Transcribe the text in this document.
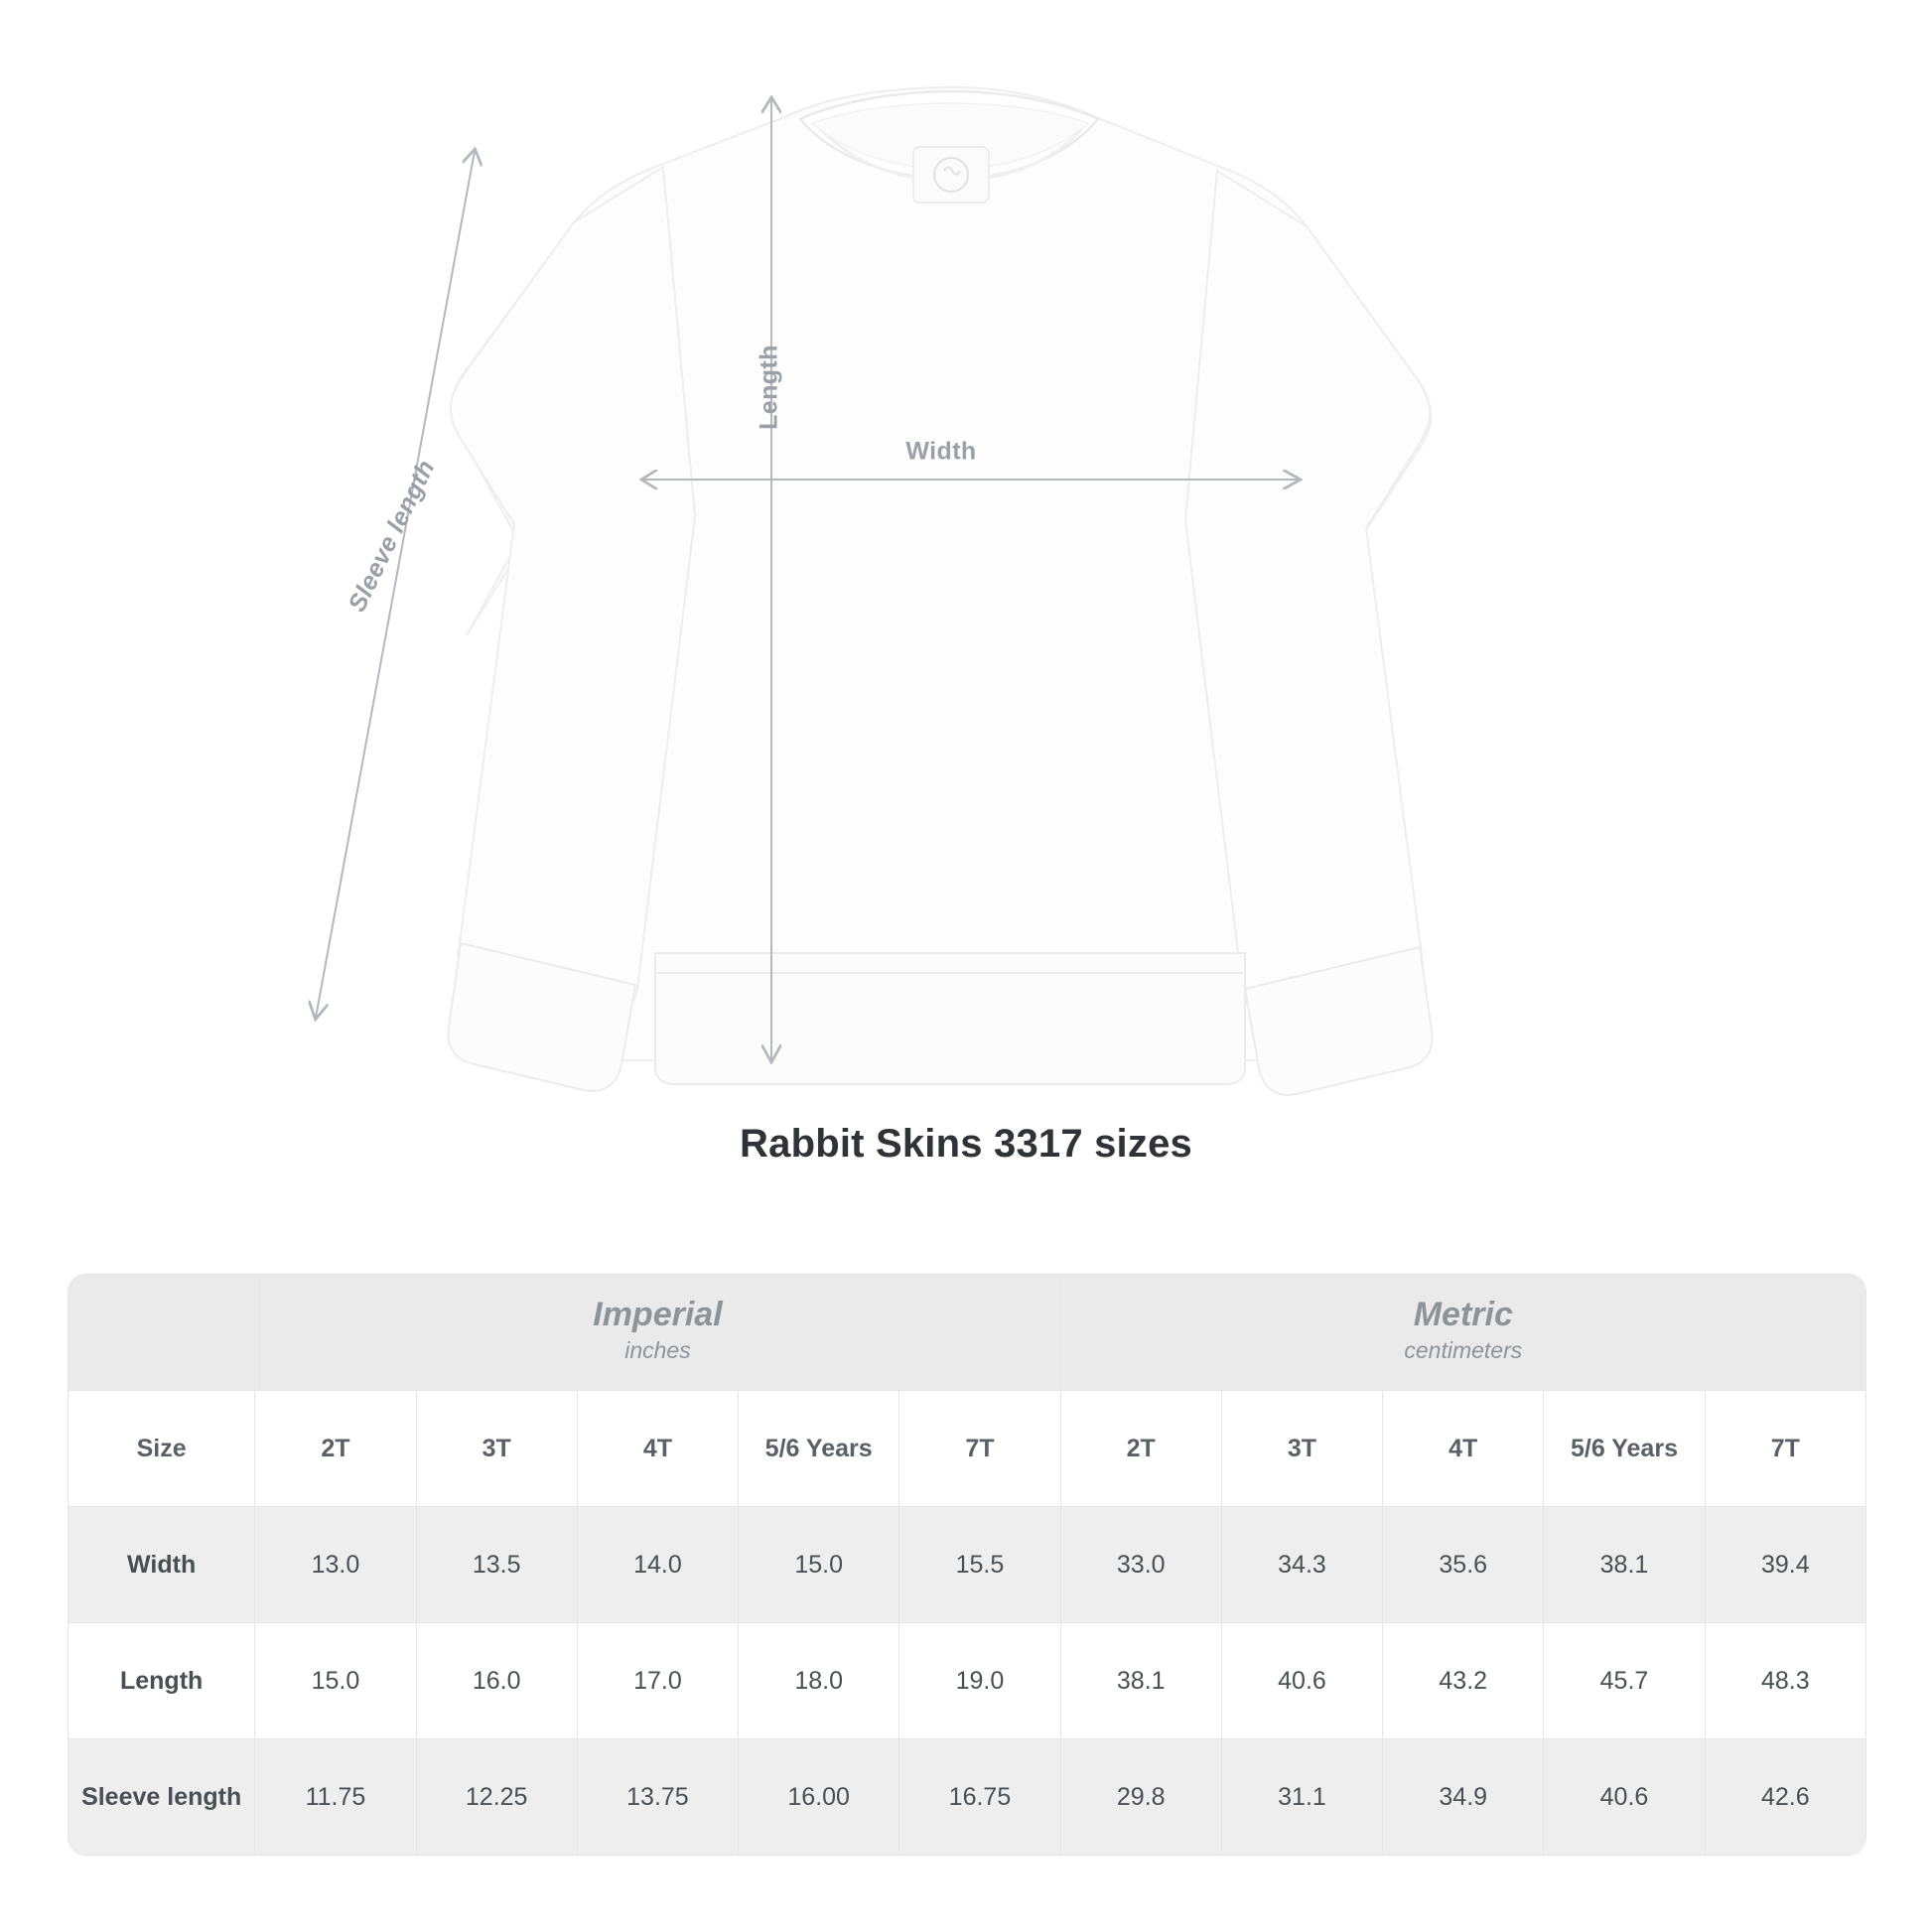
Width
Length
Sleeve length
Rabbit Skins 3317 sizes

Imperial
inches

Metric
centimeters

Size	2T	3T	4T	5/6 Years	7T	2T	3T	4T	5/6 Years	7T
Width	13.0	13.5	14.0	15.0	15.5	33.0	34.3	35.6	38.1	39.4
Length	15.0	16.0	17.0	18.0	19.0	38.1	40.6	43.2	45.7	48.3
Sleeve length	11.75	12.25	13.75	16.00	16.75	29.8	31.1	34.9	40.6	42.6
